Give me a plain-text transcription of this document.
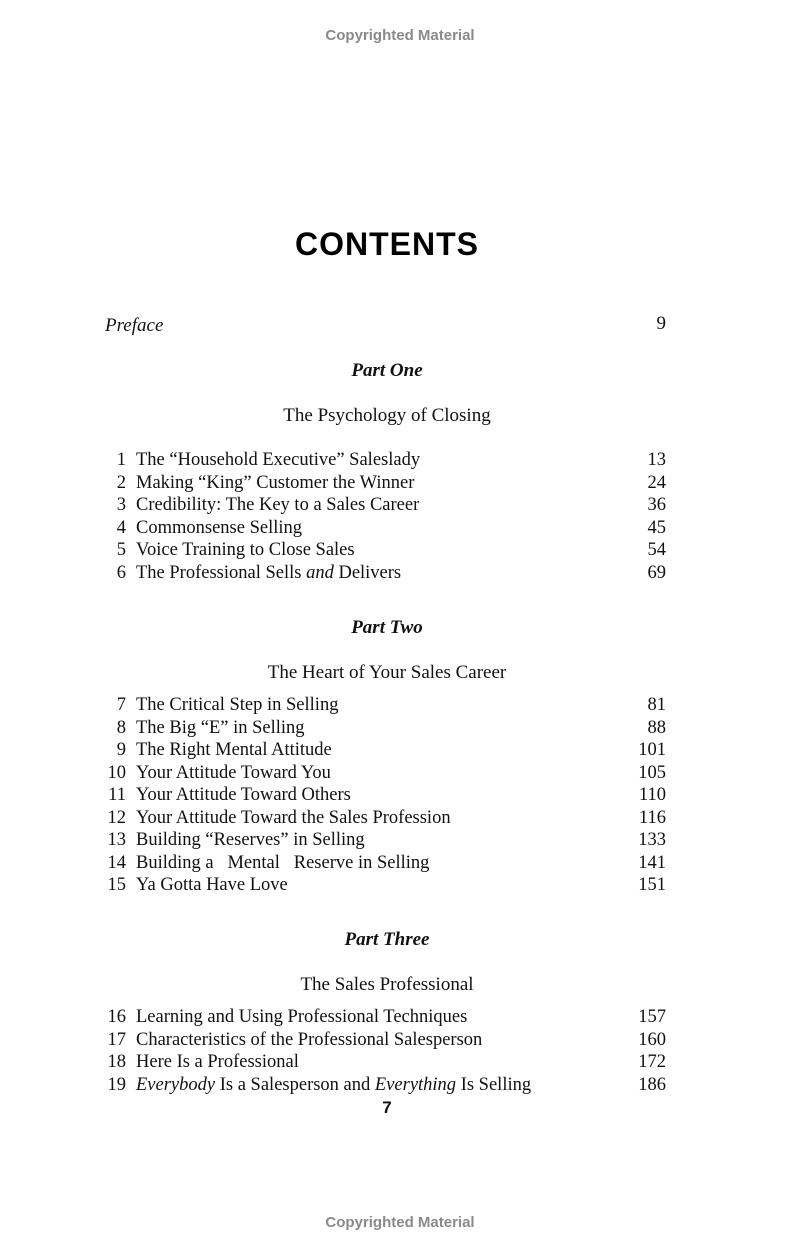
Copyrighted Material
CONTENTS
Preface	9
Part One
The Psychology of Closing
1 The “Household Executive” Saleslady	13
2 Making “King” Customer the Winner	24
3 Credibility: The Key to a Sales Career	36
4 Commonsense Selling	45
5 Voice Training to Close Sales	54
6 The Professional Sells and Delivers	69
Part Two
The Heart of Your Sales Career
7 The Critical Step in Selling	81
8 The Big “E” in Selling	88
9 The Right Mental Attitude	101
10 Your Attitude Toward You	105
11 Your Attitude Toward Others	110
12 Your Attitude Toward the Sales Profession	116
13 Building “Reserves” in Selling	133
14 Building a   Mental   Reserve in Selling	141
15 Ya Gotta Have Love	151
Part Three
The Sales Professional
16 Learning and Using Professional Techniques	157
17 Characteristics of the Professional Salesperson	160
18 Here Is a Professional	172
19 Everybody Is a Salesperson and Everything Is Selling	186
7
Copyrighted Material
